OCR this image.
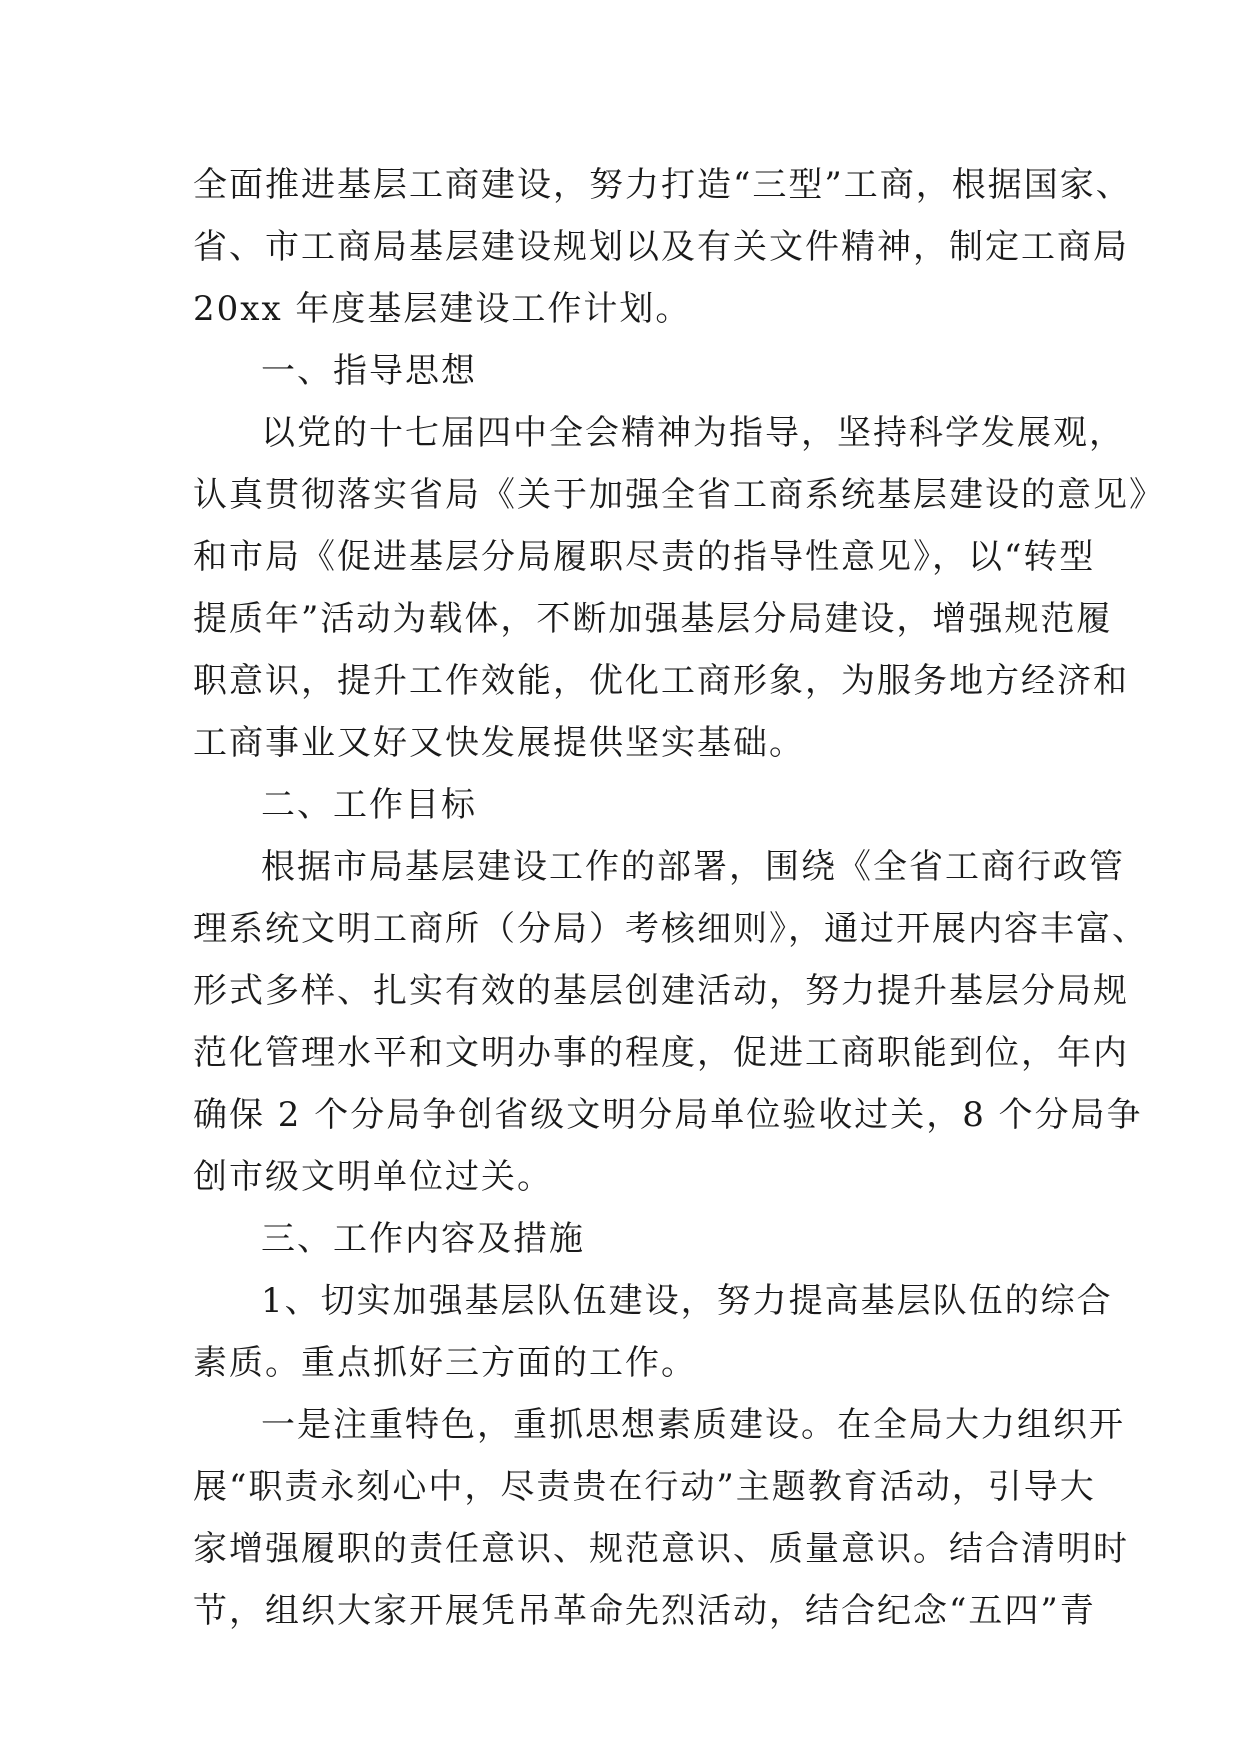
全面推进基层工商建设，努力打造“三型”工商，根据国家、
省、市工商局基层建设规划以及有关文件精神，制定工商局
20xx 年度基层建设工作计划。
一、指导思想
以党的十七届四中全会精神为指导，坚持科学发展观，
认真贯彻落实省局《关于加强全省工商系统基层建设的意见》
和市局《促进基层分局履职尽责的指导性意见》，以“转型
提质年”活动为载体，不断加强基层分局建设，增强规范履
职意识，提升工作效能，优化工商形象，为服务地方经济和
工商事业又好又快发展提供坚实基础。
二、工作目标
根据市局基层建设工作的部署，围绕《全省工商行政管
理系统文明工商所（分局）考核细则》，通过开展内容丰富、
形式多样、扎实有效的基层创建活动，努力提升基层分局规
范化管理水平和文明办事的程度，促进工商职能到位，年内
确保 2 个分局争创省级文明分局单位验收过关，8 个分局争
创市级文明单位过关。
三、工作内容及措施
1、切实加强基层队伍建设，努力提高基层队伍的综合
素质。重点抓好三方面的工作。
一是注重特色，重抓思想素质建设。在全局大力组织开
展“职责永刻心中，尽责贵在行动”主题教育活动，引导大
家增强履职的责任意识、规范意识、质量意识。结合清明时
节，组织大家开展凭吊革命先烈活动，结合纪念“五四”青
